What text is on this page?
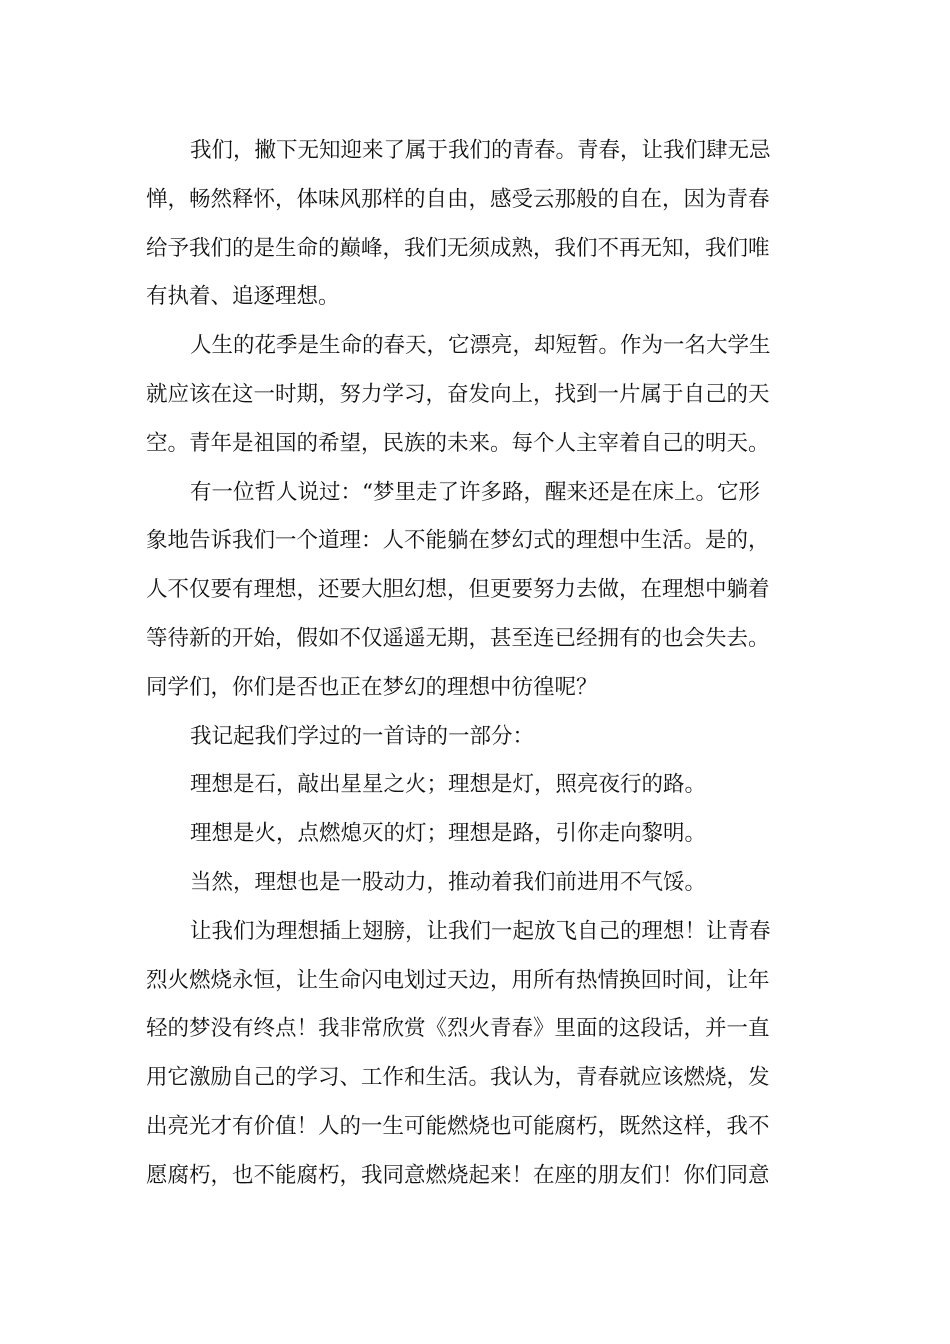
我们，撇下无知迎来了属于我们的青春。青春，让我们肆无忌
惮，畅然释怀，体味风那样的自由，感受云那般的自在，因为青春
给予我们的是生命的巅峰，我们无须成熟，我们不再无知，我们唯
有执着、追逐理想。

人生的花季是生命的春天，它漂亮，却短暂。作为一名大学生
就应该在这一时期，努力学习，奋发向上，找到一片属于自己的天
空。青年是祖国的希望，民族的未来。每个人主宰着自己的明天。

有一位哲人说过：“梦里走了许多路，醒来还是在床上。它形
象地告诉我们一个道理：人不能躺在梦幻式的理想中生活。是的，
人不仅要有理想，还要大胆幻想，但更要努力去做，在理想中躺着
等待新的开始，假如不仅遥遥无期，甚至连已经拥有的也会失去。
同学们，你们是否也正在梦幻的理想中彷徨呢？

我记起我们学过的一首诗的一部分：

理想是石，敲出星星之火；理想是灯，照亮夜行的路。

理想是火，点燃熄灭的灯；理想是路，引你走向黎明。

当然，理想也是一股动力，推动着我们前进用不气馁。

让我们为理想插上翅膀，让我们一起放飞自己的理想！让青春
烈火燃烧永恒，让生命闪电划过天边，用所有热情换回时间，让年
轻的梦没有终点！我非常欣赏《烈火青春》里面的这段话，并一直
用它激励自己的学习、工作和生活。我认为，青春就应该燃烧，发
出亮光才有价值！人的一生可能燃烧也可能腐朽，既然这样，我不
愿腐朽，也不能腐朽，我同意燃烧起来！在座的朋友们！你们同意
